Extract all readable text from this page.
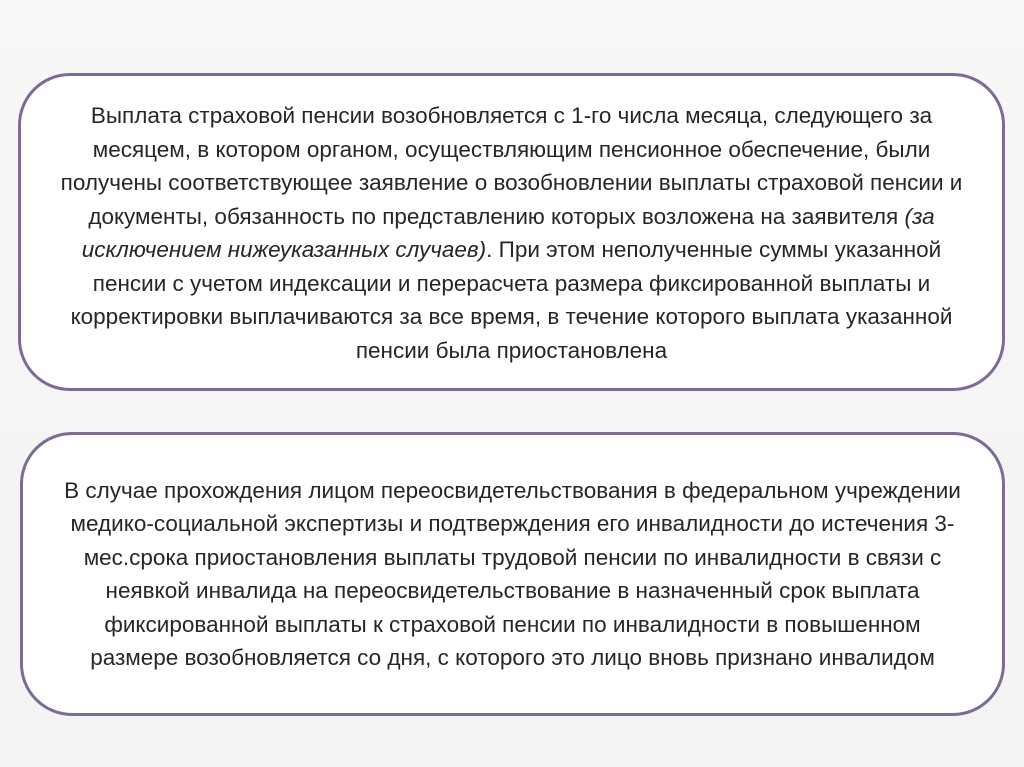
Выплата страховой пенсии возобновляется с 1-го числа месяца, следующего за месяцем, в котором органом, осуществляющим пенсионное обеспечение, были получены соответствующее заявление о возобновлении выплаты страховой пенсии и документы, обязанность по представлению которых возложена на заявителя (за исключением нижеуказанных случаев). При этом неполученные суммы указанной пенсии с учетом индексации и перерасчета размера фиксированной выплаты и корректировки выплачиваются за все время, в течение которого выплата указанной пенсии была приостановлена

В случае прохождения лицом переосвидетельствования в федеральном учреждении медико-социальной экспертизы и подтверждения его инвалидности до истечения 3-мес.срока приостановления выплаты трудовой пенсии по инвалидности в связи с неявкой инвалида на переосвидетельствование в назначенный срок выплата фиксированной выплаты к страховой пенсии по инвалидности в повышенном размере возобновляется со дня, с которого это лицо вновь признано инвалидом
